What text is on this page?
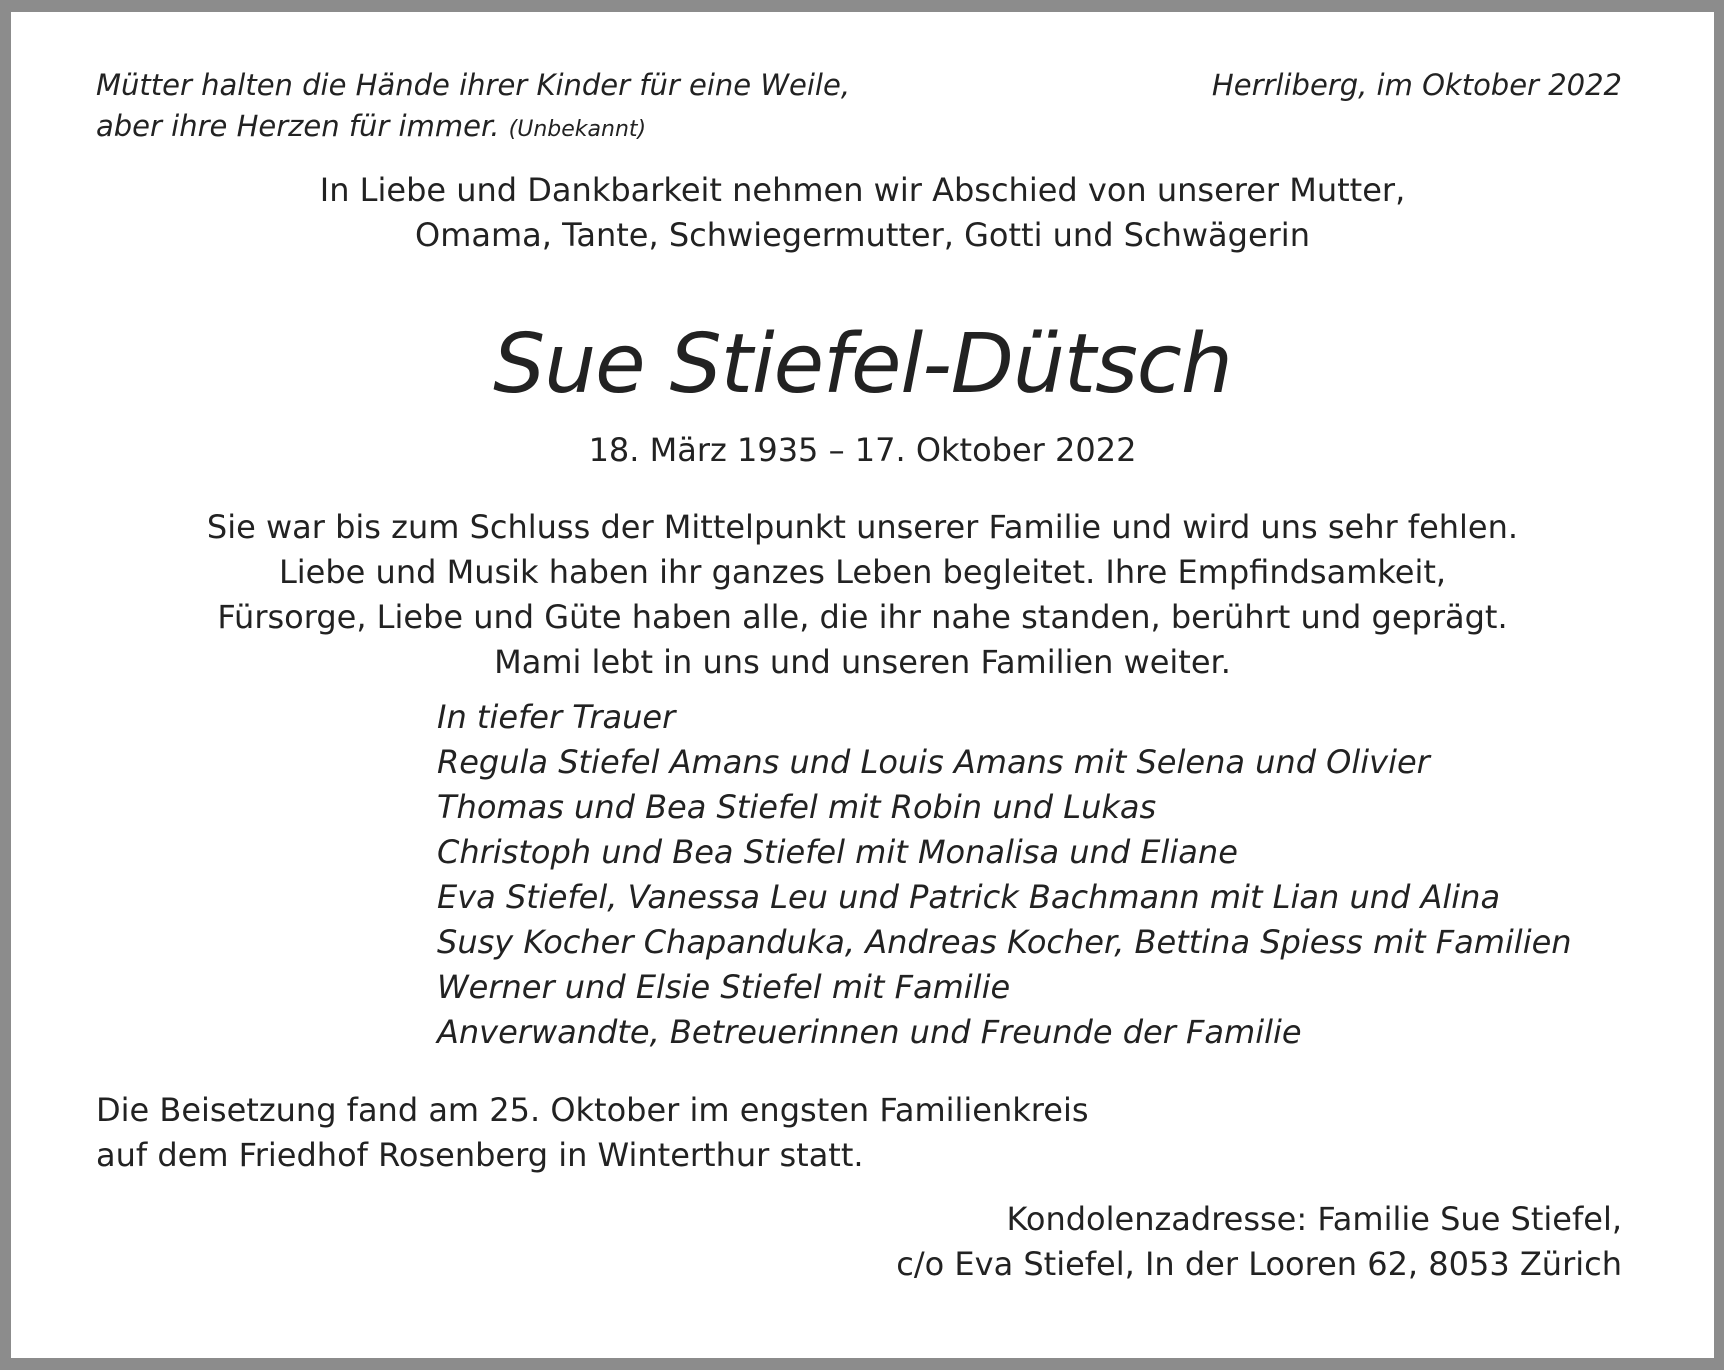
Mütter halten die Hände ihrer Kinder für eine Weile,
aber ihre Herzen für immer. (Unbekannt)
Herrliberg, im Oktober 2022
In Liebe und Dankbarkeit nehmen wir Abschied von unserer Mutter,
Omama, Tante, Schwiegermutter, Gotti und Schwägerin
Sue Stiefel-Dütsch
18. März 1935 – 17. Oktober 2022
Sie war bis zum Schluss der Mittelpunkt unserer Familie und wird uns sehr fehlen.
Liebe und Musik haben ihr ganzes Leben begleitet. Ihre Empfindsamkeit,
Fürsorge, Liebe und Güte haben alle, die ihr nahe standen, berührt und geprägt.
Mami lebt in uns und unseren Familien weiter.
In tiefer Trauer
Regula Stiefel Amans und Louis Amans mit Selena und Olivier
Thomas und Bea Stiefel mit Robin und Lukas
Christoph und Bea Stiefel mit Monalisa und Eliane
Eva Stiefel, Vanessa Leu und Patrick Bachmann mit Lian und Alina
Susy Kocher Chapanduka, Andreas Kocher, Bettina Spiess mit Familien
Werner und Elsie Stiefel mit Familie
Anverwandte, Betreuerinnen und Freunde der Familie
Die Beisetzung fand am 25. Oktober im engsten Familienkreis
auf dem Friedhof Rosenberg in Winterthur statt.
Kondolenzadresse: Familie Sue Stiefel,
c/o Eva Stiefel, In der Looren 62, 8053 Zürich
